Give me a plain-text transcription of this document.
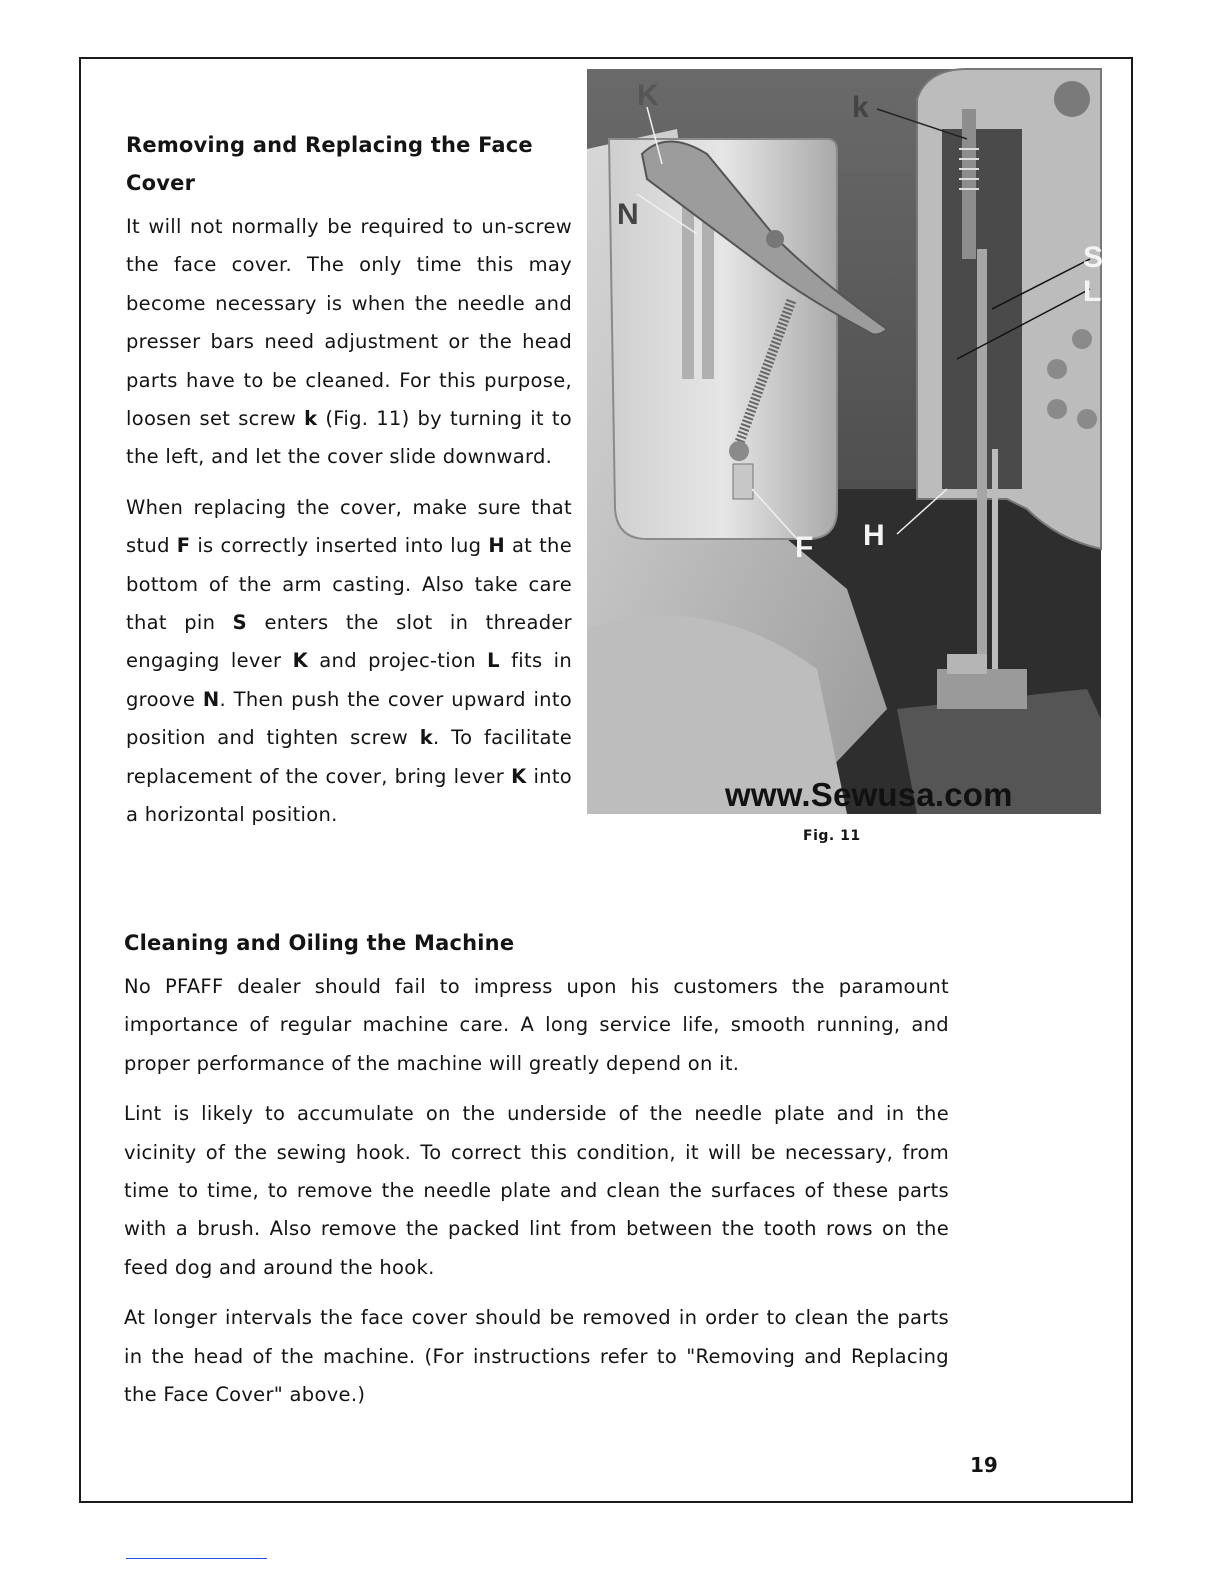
Removing and Replacing the Face
Cover

It will not normally be required to un-screw the face cover. The only time this may become necessary is when the needle and presser bars need adjustment or the head parts have to be cleaned. For this purpose, loosen set screw k (Fig. 11) by turning it to the left, and let the cover slide downward.

When replacing the cover, make sure that stud F is correctly inserted into lug H at the bottom of the arm casting. Also take care that pin S enters the slot in threader engaging lever K and projec-tion L fits in groove N. Then push the cover upward into position and tighten screw k. To facilitate replacement of the cover, bring lever K into a horizontal position.

K	k
N
S
L
F H
www.Sewusa.com
Fig. 11
Cleaning and Oiling the Machine

No PFAFF dealer should fail to impress upon his customers the paramount importance of regular machine care. A long service life, smooth running, and proper performance of the machine will greatly depend on it.

Lint is likely to accumulate on the underside of the needle plate and in the vicinity of the sewing hook. To correct this condition, it will be necessary, from time to time, to remove the needle plate and clean the surfaces of these parts with a brush. Also remove the packed lint from between the tooth rows on the feed dog and around the hook.

At longer intervals the face cover should be removed in order to clean the parts in the head of the machine. (For instructions refer to "Removing and Replacing the Face Cover" above.)

19
